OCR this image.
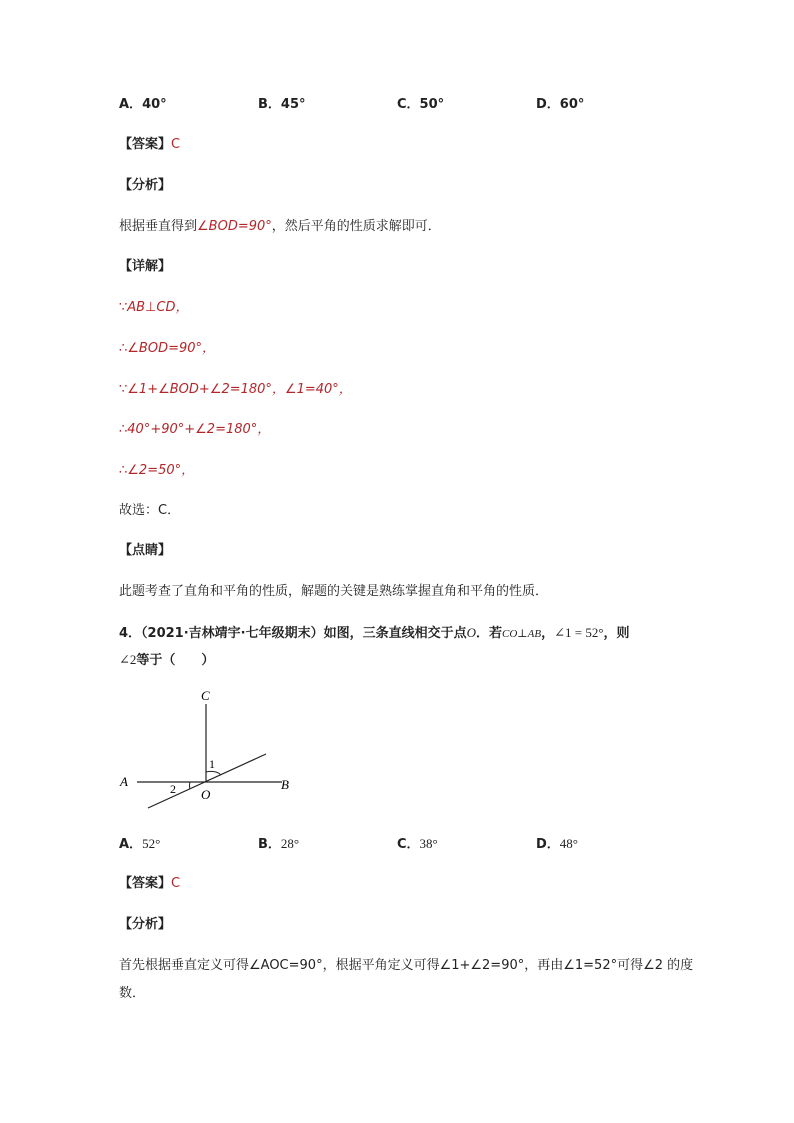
A．40°	B．45°	C．50°	D．60°
【答案】C
【分析】
根据垂直得到∠BOD=90°，然后平角的性质求解即可．
【详解】
∵AB⊥CD，
∴∠BOD=90°，
∵∠1+∠BOD+∠2=180°，∠1=40°，
∴40°+90°+∠2=180°，
∴∠2=50°，
故选：C．
【点睛】
此题考查了直角和平角的性质，解题的关键是熟练掌握直角和平角的性质．
4．（2021·吉林靖宇·七年级期末）如图，三条直线相交于点O．若CO⊥AB，∠1 = 52°，则
∠2等于（　　）
C
A	B
O
1
2
A．52°	B．28°	C．38°	D．48°
【答案】C
【分析】
首先根据垂直定义可得∠AOC=90°，根据平角定义可得∠1+∠2=90°，再由∠1=52°可得∠2 的度
数．
